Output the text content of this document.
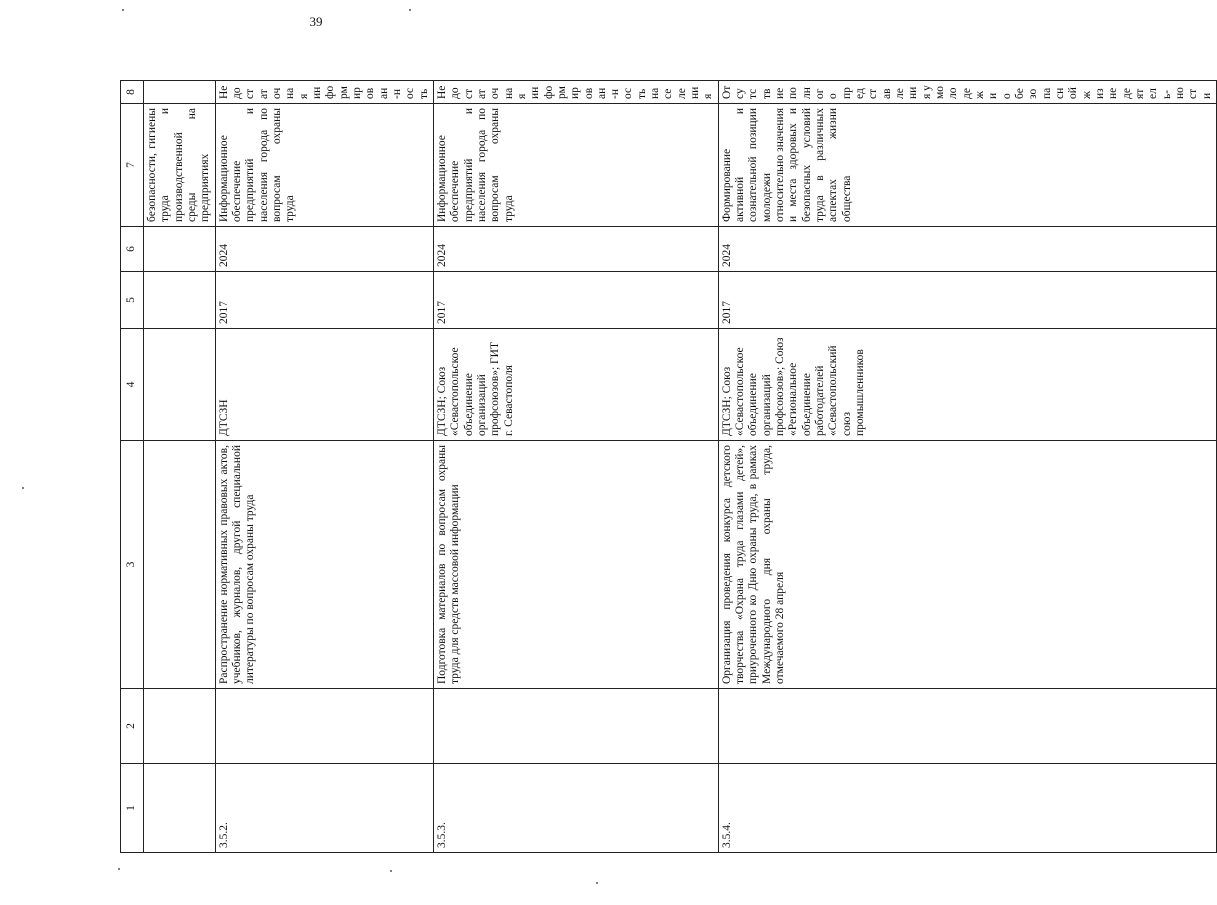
39
1	2	3	4	5	6	7	8
						безопасности, гигиены труда и производственной среды на предприятиях	
3.5.2.		Распространение нормативных правовых актов, учебников, журналов, другой специальной литературы по вопросам охраны труда	ДТСЗН	2017	2024	Информационное обеспечение предприятий и населения города по вопросам охраны труда	Недостаточная информирован-ность
3.5.3.		Подготовка материалов по вопросам охраны труда для средств массовой информации	ДТСЗН; Союз «Севастопольское объединение организаций профсоюзов»; ГИТ г. Севастополя	2017	2024	Информационное обеспечение предприятий и населения города по вопросам охраны труда	Недостаточная информирован-ность населения
3.5.4.		Организация проведения конкурса детского творчества «Охрана труда глазами детей», приуроченного ко Дню охраны труда, в рамках Международного дня охраны труда, отмечаемого 28 апреля	ДТСЗН; Союз «Севастопольское объединение организаций профсоюзов»; Союз «Региональное объединение работодателей «Севастопольский союз промышленников	2017	2024	Формирование активной и сознательной позиции молодежи относительно значения и места здоровых и безопасных условий труда в различных аспектах жизни общества	Отсутствие полного представления у молодежи о безопасной жизнедеятель-ности
